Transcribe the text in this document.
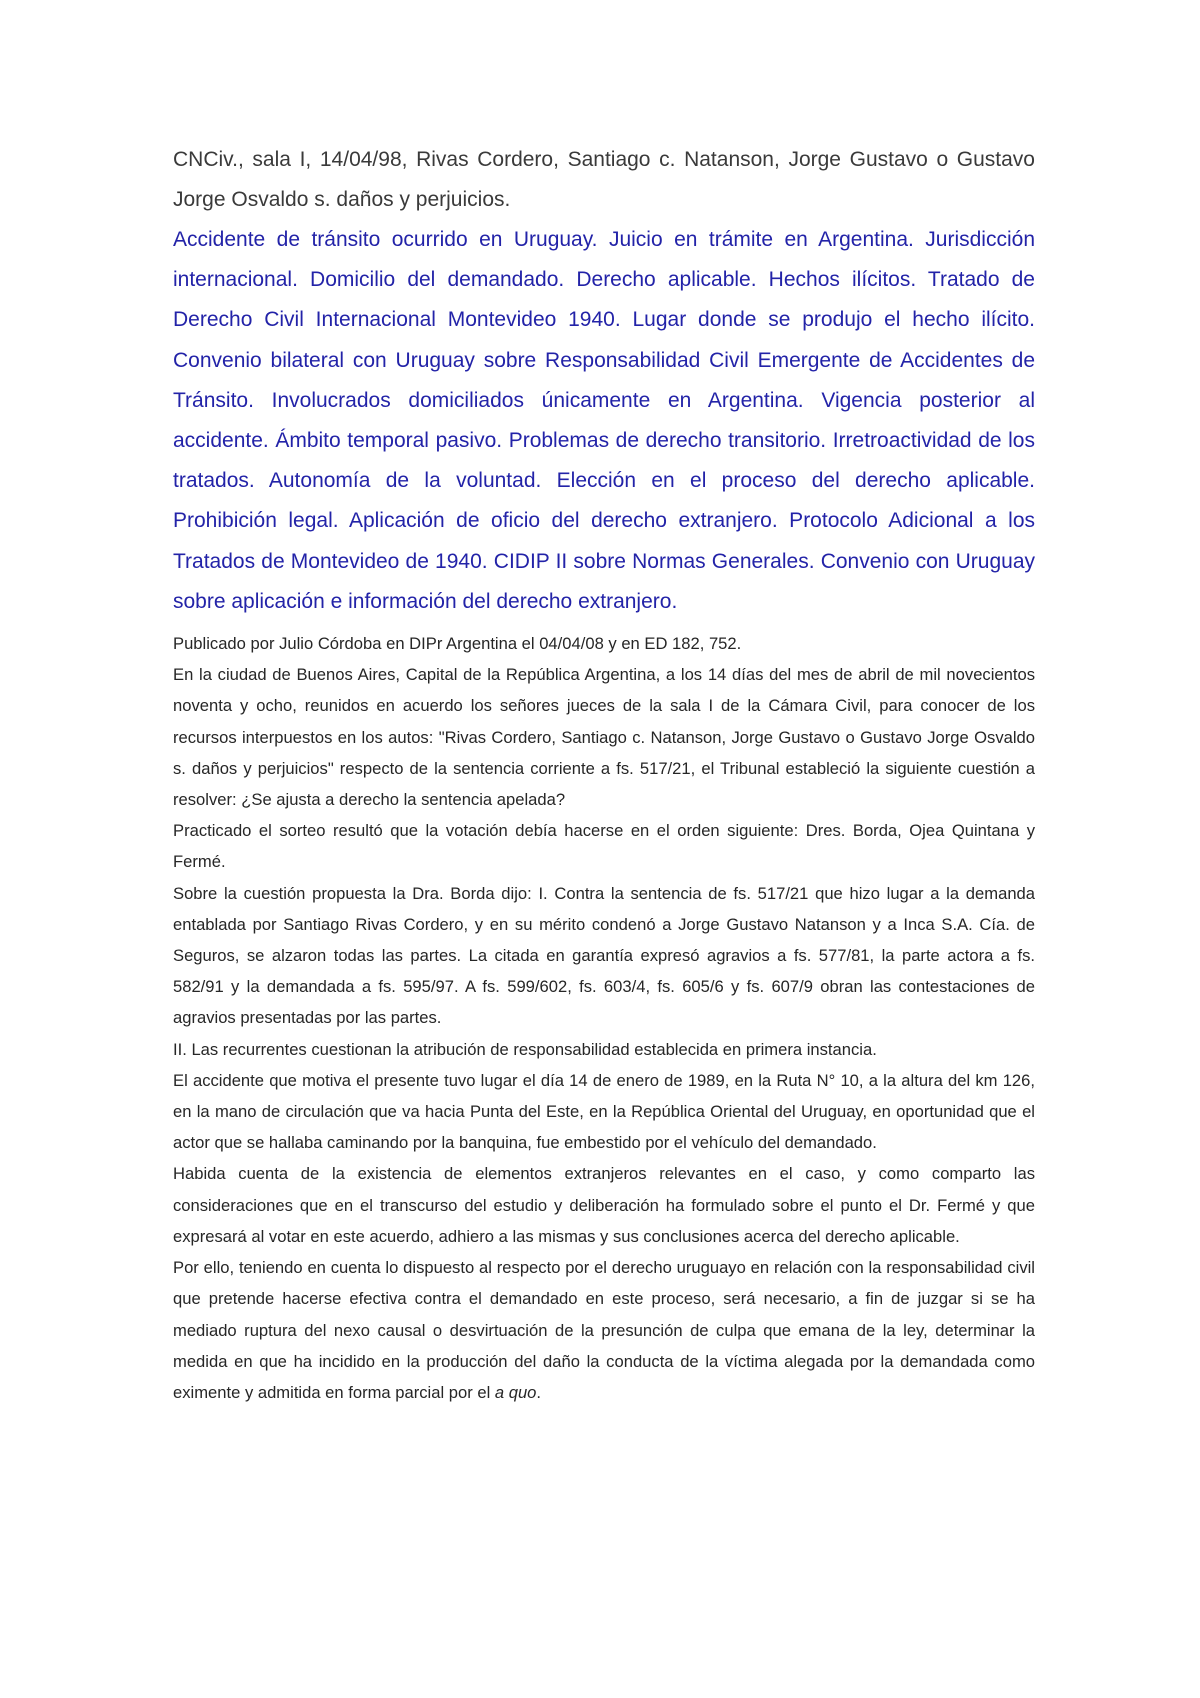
CNCiv., sala I, 14/04/98, Rivas Cordero, Santiago c. Natanson, Jorge Gustavo o Gustavo Jorge Osvaldo s. daños y perjuicios.

Accidente de tránsito ocurrido en Uruguay. Juicio en trámite en Argentina. Jurisdicción internacional. Domicilio del demandado. Derecho aplicable. Hechos ilícitos. Tratado de Derecho Civil Internacional Montevideo 1940. Lugar donde se produjo el hecho ilícito. Convenio bilateral con Uruguay sobre Responsabilidad Civil Emergente de Accidentes de Tránsito. Involucrados domiciliados únicamente en Argentina. Vigencia posterior al accidente. Ámbito temporal pasivo. Problemas de derecho transitorio. Irretroactividad de los tratados. Autonomía de la voluntad. Elección en el proceso del derecho aplicable. Prohibición legal. Aplicación de oficio del derecho extranjero. Protocolo Adicional a los Tratados de Montevideo de 1940. CIDIP II sobre Normas Generales. Convenio con Uruguay sobre aplicación e información del derecho extranjero.

Publicado por Julio Córdoba en DIPr Argentina el 04/04/08 y en ED 182, 752.

En la ciudad de Buenos Aires, Capital de la República Argentina, a los 14 días del mes de abril de mil novecientos noventa y ocho, reunidos en acuerdo los señores jueces de la sala I de la Cámara Civil, para conocer de los recursos interpuestos en los autos: "Rivas Cordero, Santiago c. Natanson, Jorge Gustavo o Gustavo Jorge Osvaldo s. daños y perjuicios" respecto de la sentencia corriente a fs. 517/21, el Tribunal estableció la siguiente cuestión a resolver: ¿Se ajusta a derecho la sentencia apelada?

Practicado el sorteo resultó que la votación debía hacerse en el orden siguiente: Dres. Borda, Ojea Quintana y Fermé.

Sobre la cuestión propuesta la Dra. Borda dijo: I. Contra la sentencia de fs. 517/21 que hizo lugar a la demanda entablada por Santiago Rivas Cordero, y en su mérito condenó a Jorge Gustavo Natanson y a Inca S.A. Cía. de Seguros, se alzaron todas las partes. La citada en garantía expresó agravios a fs. 577/81, la parte actora a fs. 582/91 y la demandada a fs. 595/97. A fs. 599/602, fs. 603/4, fs. 605/6 y fs. 607/9 obran las contestaciones de agravios presentadas por las partes.

II. Las recurrentes cuestionan la atribución de responsabilidad establecida en primera instancia.

El accidente que motiva el presente tuvo lugar el día 14 de enero de 1989, en la Ruta N° 10, a la altura del km 126, en la mano de circulación que va hacia Punta del Este, en la República Oriental del Uruguay, en oportunidad que el actor que se hallaba caminando por la banquina, fue embestido por el vehículo del demandado.

Habida cuenta de la existencia de elementos extranjeros relevantes en el caso, y como comparto las consideraciones que en el transcurso del estudio y deliberación ha formulado sobre el punto el Dr. Fermé y que expresará al votar en este acuerdo, adhiero a las mismas y sus conclusiones acerca del derecho aplicable.

Por ello, teniendo en cuenta lo dispuesto al respecto por el derecho uruguayo en relación con la responsabilidad civil que pretende hacerse efectiva contra el demandado en este proceso, será necesario, a fin de juzgar si se ha mediado ruptura del nexo causal o desvirtuación de la presunción de culpa que emana de la ley, determinar la medida en que ha incidido en la producción del daño la conducta de la víctima alegada por la demandada como eximente y admitida en forma parcial por el a quo.
